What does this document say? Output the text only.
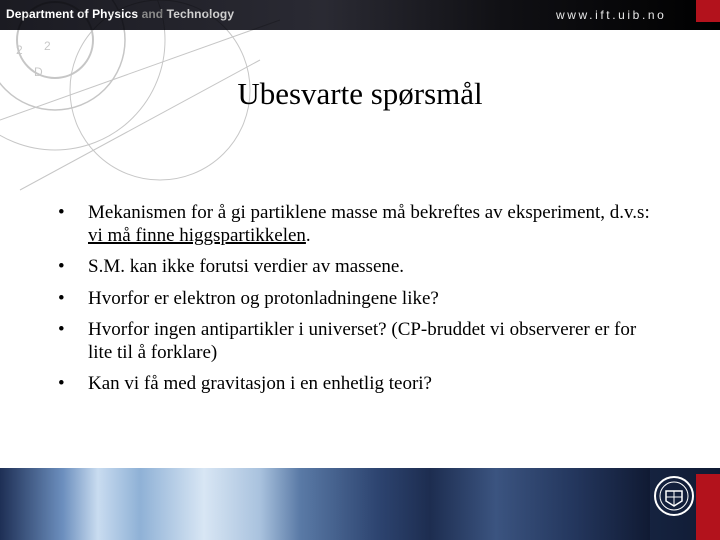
Department of Physics and Technology	www.ift.uib.no
2 2
D
Ubesvarte spørsmål
• Mekanismen for å gi partiklene masse må bekreftes av eksperiment, d.v.s: vi må finne higgspartikkelen.
• S.M. kan ikke forutsi verdier av massene.
• Hvorfor er elektron og protonladningene like?
• Hvorfor ingen antipartikler i universet? (CP-bruddet vi observerer er for lite til å forklare)
• Kan vi få med gravitasjon i en enhetlig teori?
The University of Bergen
